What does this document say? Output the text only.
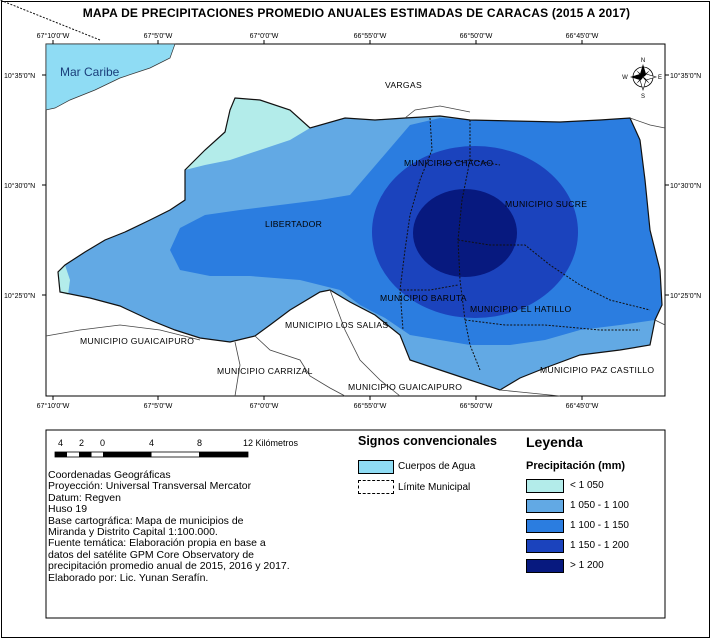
MAPA DE PRECIPITACIONES PROMEDIO ANUALES ESTIMADAS DE CARACAS (2015 A 2017)
67°10'0"W	67°5'0"W	67°0'0"W	66°55'0"W	66°50'0"W	66°45'0"W
67°10'0"W	67°5'0"W	67°0'0"W	66°55'0"W	66°50'0"W	66°45'0"W
10°35'0"N
10°30'0"N
10°25'0"N
10°35'0"N
10°30'0"N
10°25'0"N
Mar Caribe
VARGAS
MUNICIPIO CHACAO
MUNICIPIO SUCRE
LIBERTADOR
MUNICIPIO BARUTA
MUNICIPIO EL HATILLO
MUNICIPIO LOS SALIAS
MUNICIPIO GUAICAIPURO
MUNICIPIO CARRIZAL
MUNICIPIO GUAICAIPURO
MUNICIPIO PAZ CASTILLO
N
S
E
W
4 2 0	4	8	12 Kilómetros
Coordenadas Geográficas
Proyección: Universal Transversal Mercator
Datum: Regven
Huso 19
Base cartográfica: Mapa de municipios de
Miranda y Distrito Capital 1:100.000.
Fuente temática: Elaboración propia en base a
datos del satélite GPM Core Observatory de
precipitación promedio anual de 2015, 2016 y 2017.
Elaborado por: Lic. Yunan Serafín.
Signos convencionales
Cuerpos de Agua
Límite Municipal
Leyenda
Precipitación (mm)
< 1 050
1 050 - 1 100
1 100 - 1 150
1 150 - 1 200
> 1 200
